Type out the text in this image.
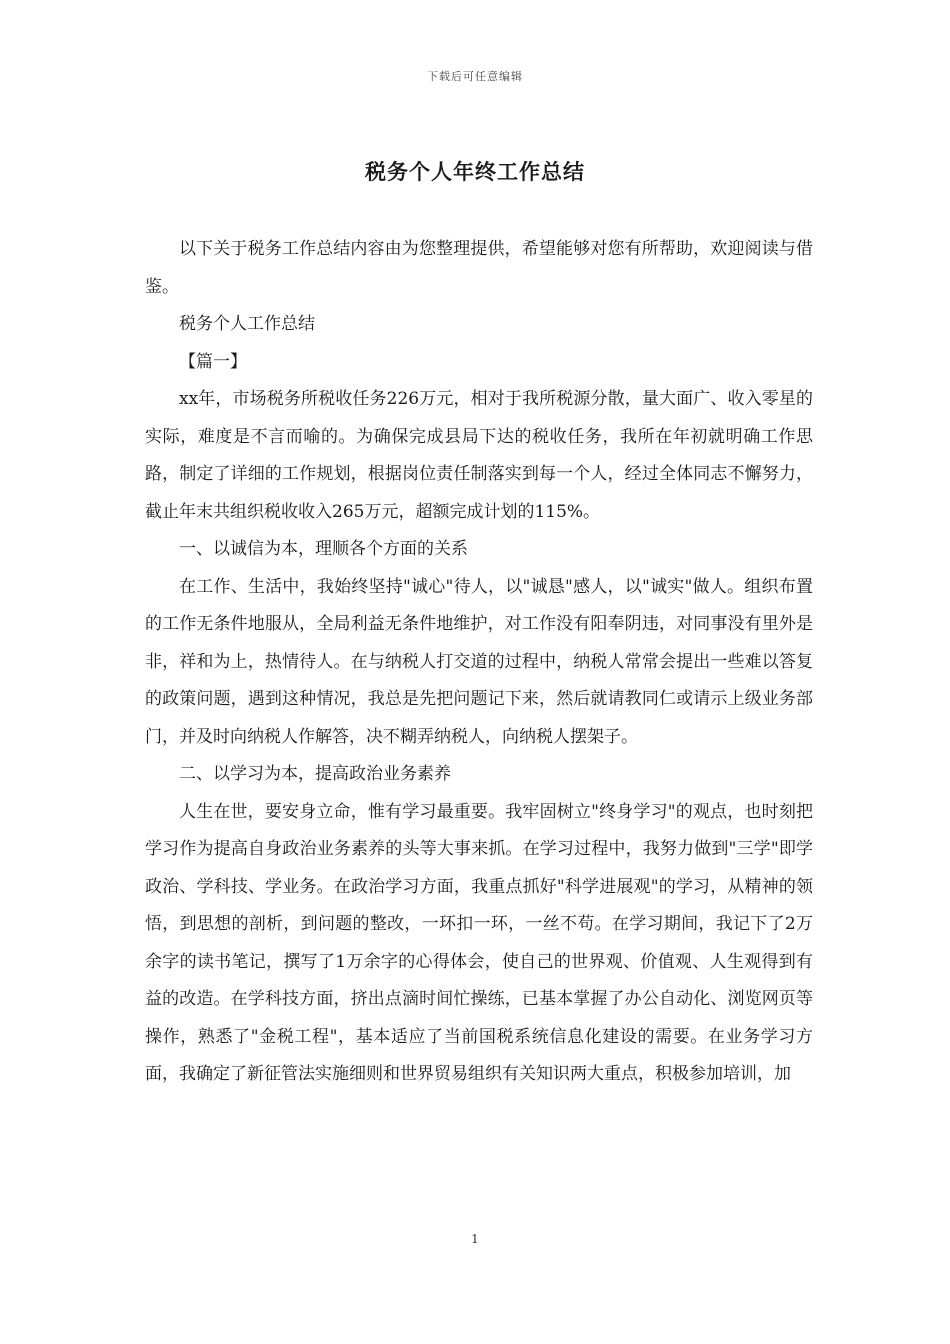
下载后可任意编辑
税务个人年终工作总结

以下关于税务工作总结内容由为您整理提供，希望能够对您有所帮助，欢迎阅读与借鉴。

税务个人工作总结

【篇一】

xx年，市场税务所税收任务226万元，相对于我所税源分散，量大面广、收入零星的实际，难度是不言而喻的。为确保完成县局下达的税收任务，我所在年初就明确工作思路，制定了详细的工作规划，根据岗位责任制落实到每一个人，经过全体同志不懈努力，截止年末共组织税收收入265万元，超额完成计划的115%。

一、以诚信为本，理顺各个方面的关系

在工作、生活中，我始终坚持"诚心"待人，以"诚恳"感人，以"诚实"做人。组织布置的工作无条件地服从，全局利益无条件地维护，对工作没有阳奉阴违，对同事没有里外是非，祥和为上，热情待人。在与纳税人打交道的过程中，纳税人常常会提出一些难以答复的政策问题，遇到这种情况，我总是先把问题记下来，然后就请教同仁或请示上级业务部门，并及时向纳税人作解答，决不糊弄纳税人，向纳税人摆架子。

二、以学习为本，提高政治业务素养

人生在世，要安身立命，惟有学习最重要。我牢固树立"终身学习"的观点，也时刻把学习作为提高自身政治业务素养的头等大事来抓。在学习过程中，我努力做到"三学"即学政治、学科技、学业务。在政治学习方面，我重点抓好"科学进展观"的学习，从精神的领悟，到思想的剖析，到问题的整改，一环扣一环，一丝不苟。在学习期间，我记下了2万余字的读书笔记，撰写了1万余字的心得体会，使自己的世界观、价值观、人生观得到有益的改造。在学科技方面，挤出点滴时间忙操练，已基本掌握了办公自动化、浏览网页等操作，熟悉了"金税工程"，基本适应了当前国税系统信息化建设的需要。在业务学习方面，我确定了新征管法实施细则和世界贸易组织有关知识两大重点，积极参加培训，加

1
